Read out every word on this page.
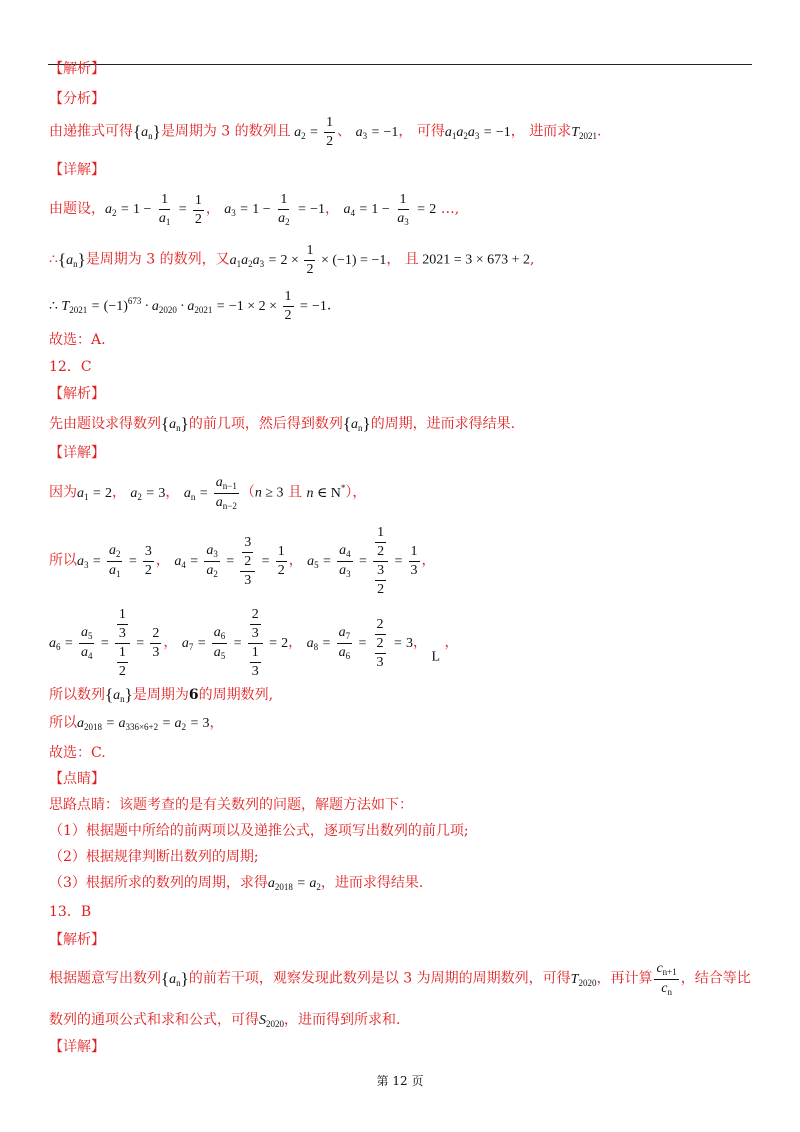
【解析】
【分析】
由递推式可得$\{a_n\}$是周期为 3 的数列且 $a_2 = \frac{1}{2}$ 、 $a_3 = -1$， 可得$a_1a_2a_3 = -1$， 进而求$T_{2021}$.
【详解】
由题设，$a_2 = 1 - \frac{1}{a_1} = \frac{1}{2}$ ， $a_3 = 1 - \frac{1}{a_2} = -1$， $a_4 = 1 - \frac{1}{a_3} = 2$ …,
$\therefore\{a_n\}$是周期为 3 的数列，又$a_1a_2a_3 = 2 \times \frac{1}{2} \times (-1) = -1$， 且 2021 = 3 × 673 + 2,
∴ $T_{2021} = (-1)^{673} \cdot a_{2020} \cdot a_{2021} = -1 \times 2 \times \frac{1}{2} = -1$.
故选：A.
12．C
【解析】
先由题设求得数列$\{a_n\}$的前几项，然后得到数列$\{a_n\}$的周期，进而求得结果.
【详解】
因为$a_1 = 2$， $a_2 = 3$， $a_n = \frac{a_{n-1}}{a_{n-2}} (n \ge 3$ 且 n ∈ N*），
所以$a_3 = \frac{a_2}{a_1} = \frac{3}{2}$ ， $a_4 = \frac{a_3}{a_2} = \frac{\frac{3}{2}}{3} = \frac{1}{2}$ ， $a_5 = \frac{a_4}{a_3} = \frac{\frac{1}{2}}{\frac{3}{2}} = \frac{1}{3}$ ，
$a_6 = \frac{a_5}{a_4} = \frac{\frac{1}{3}}{\frac{1}{2}} = \frac{2}{3}$ ， $a_7 = \frac{a_6}{a_5} = \frac{\frac{2}{3}}{\frac{1}{3}} = 2$， $a_8 = \frac{a_7}{a_6} = \frac{2}{\frac{2}{3}} = 3$， L ，
所以数列$\{a_n\}$是周期为6的周期数列,
所以$a_{2018} = a_{336\times 6+2} = a_2 = 3$，
故选：C.
【点睛】
思路点睛：该题考查的是有关数列的问题，解题方法如下：
（1）根据题中所给的前两项以及递推公式，逐项写出数列的前几项;
（2）根据规律判断出数列的周期;
（3）根据所求的数列的周期，求得$a_{2018} = a_2$，进而求得结果.
13．B
【解析】
根据题意写出数列$\{a_n\}$的前若干项，观察发现此数列是以 3 为周期的周期数列，可得$T_{2020}$，再计算 $\frac{c_{n+1}}{c_n}$ ，结合等比
数列的通项公式和求和公式，可得$S_{2020}$，进而得到所求和.
【详解】
第 12 页
